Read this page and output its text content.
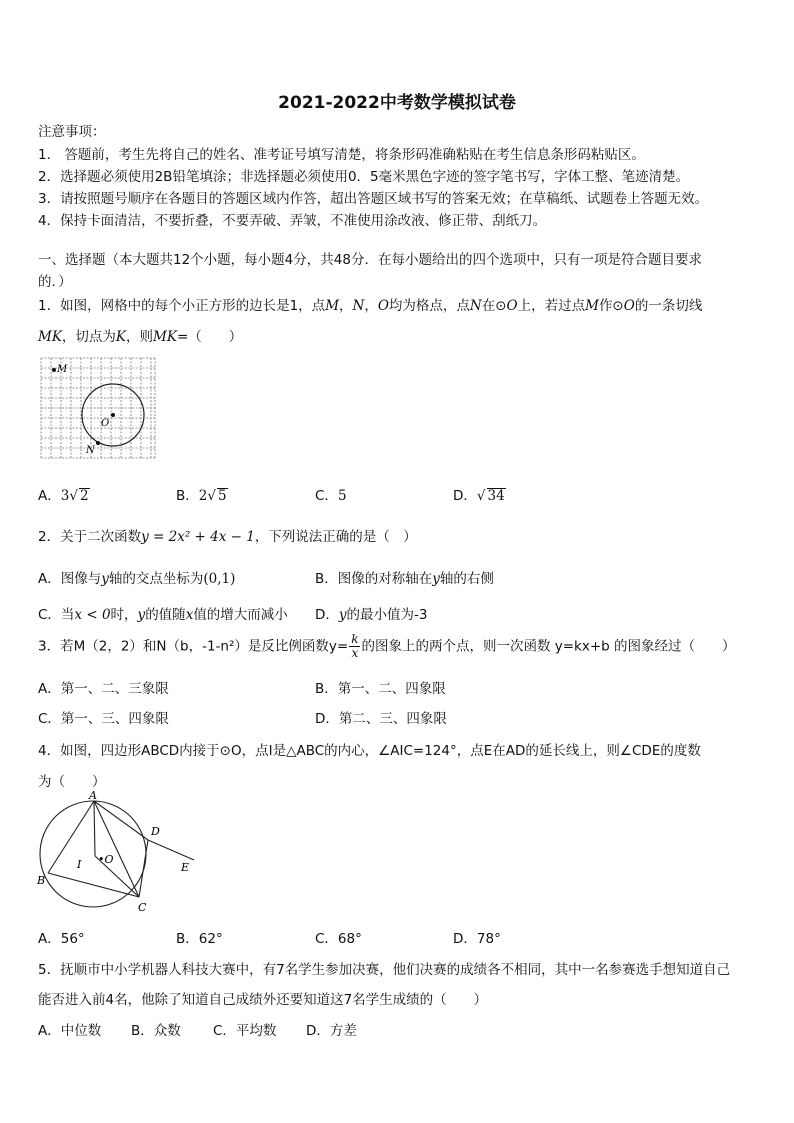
2021-2022中考数学模拟试卷
注意事项：
1． 答题前，考生先将自己的姓名、准考证号填写清楚，将条形码准确粘贴在考生信息条形码粘贴区。
2．选择题必须使用2B铅笔填涂；非选择题必须使用0．5毫米黑色字迹的签字笔书写，字体工整、笔迹清楚。
3．请按照题号顺序在各题目的答题区域内作答，超出答题区域书写的答案无效；在草稿纸、试题卷上答题无效。
4．保持卡面清洁，不要折叠，不要弄破、弄皱，不准使用涂改液、修正带、刮纸刀。
一、选择题（本大题共12个小题，每小题4分，共48分．在每小题给出的四个选项中，只有一项是符合题目要求
的．）
1．如图，网格中的每个小正方形的边长是1，点M，N，O均为格点，点N在⊙O上，若过点M作⊙O的一条切线
MK，切点为K，则MK=（　　）
M
O
N
A．3√ 2	B．2√ 5	C．5	D．√ 34
2．关于二次函数y = 2x² + 4x − 1，下列说法正确的是（　）
A．图像与y轴的交点坐标为(0,1)	B．图像的对称轴在y轴的右侧
C．当x < 0时，y的值随x值的增大而减小 D．y的最小值为-3
3．若M（2，2）和N（b，-1-n²）是反比例函数$y= \frac{k}{x}$ 的图象上的两个点，则一次函数 y=kx+b 的图象经过（　　）
A．第一、二、三象限	B．第一、二、四象限
C．第一、三、四象限	D．第二、三、四象限
4．如图，四边形ABCD内接于⊙O，点I是△ABC的内心，∠AIC=124°，点E在AD的延长线上，则∠CDE的度数
为（　　）
A
D
E
B
C
I •O
A．56°	B．62°	C．68°	D．78°
5．抚顺市中小学机器人科技大赛中，有7名学生参加决赛，他们决赛的成绩各不相同，其中一名参赛选手想知道自己
能否进入前4名，他除了知道自己成绩外还要知道这7名学生成绩的（　　）
A．中位数 B．众数 C．平均数 D．方差
